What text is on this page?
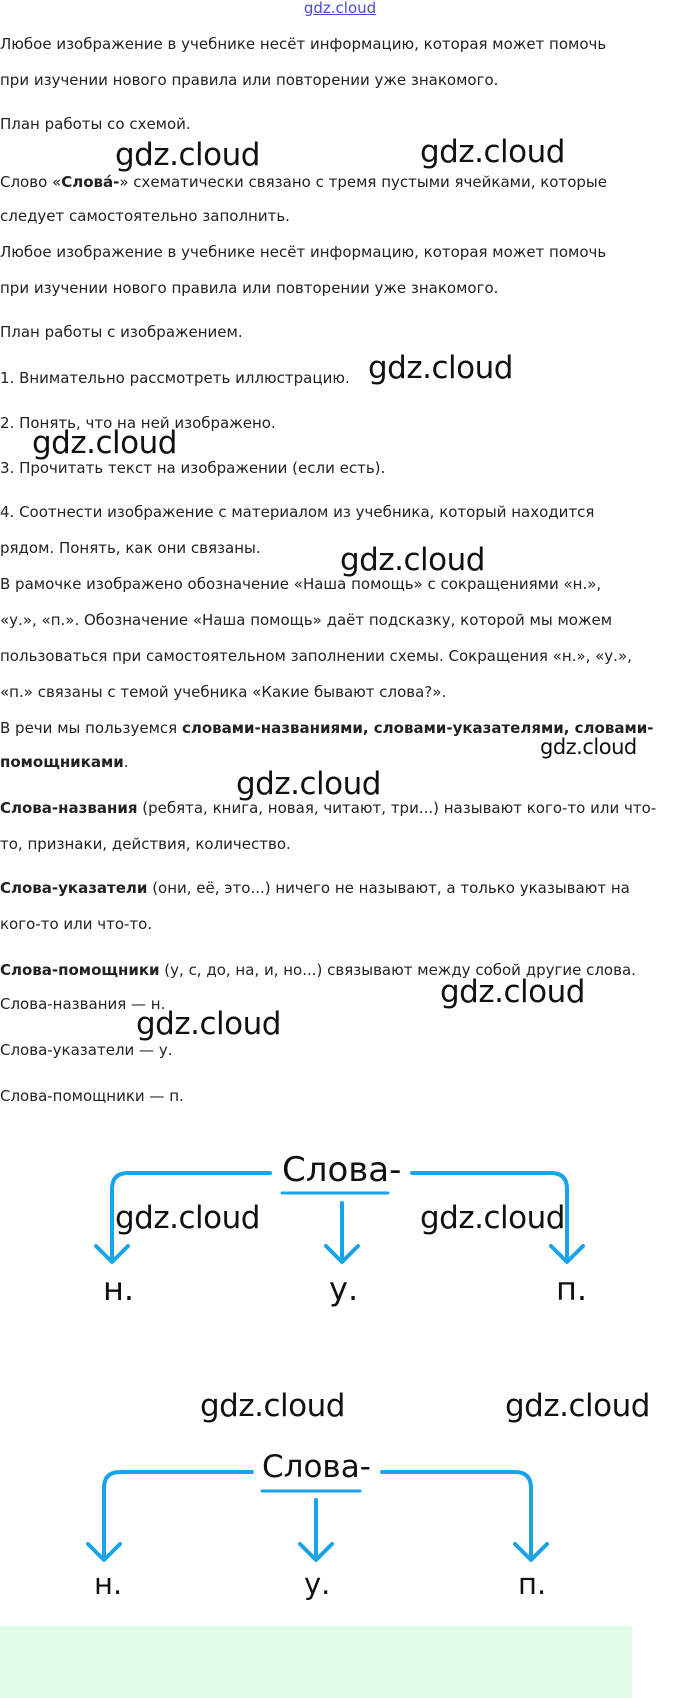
gdz.cloud
Любое изображение в учебнике несёт информацию, которая может помочь
при изучении нового правила или повторении уже знакомого.
План работы со схемой.
Слово «Слова́-» схематически связано с тремя пустыми ячейками, которые
следует самостоятельно заполнить.
Любое изображение в учебнике несёт информацию, которая может помочь
при изучении нового правила или повторении уже знакомого.
План работы с изображением.
1. Внимательно рассмотреть иллюстрацию.
2. Понять, что на ней изображено.
3. Прочитать текст на изображении (если есть).
4. Соотнести изображение с материалом из учебника, который находится
рядом. Понять, как они связаны.
В рамочке изображено обозначение «Наша помощь» с сокращениями «н.»,
«у.», «п.». Обозначение «Наша помощь» даёт подсказку, которой мы можем
пользоваться при самостоятельном заполнении схемы. Сокращения «н.», «у.»,
«п.» связаны с темой учебника «Какие бывают слова?».
В речи мы пользуемся словами-названиями, словами-указателями, словами-
помощниками.
Слова-названия (ребята, книга, новая, читают, три...) называют кого-то или что-
то, признаки, действия, количество.
Слова-указатели (они, её, это...) ничего не называют, а только указывают на
кого-то или что-то.
Слова-помощники (у, с, до, на, и, но...) связывают между собой другие слова.
Слова-названия — н.
Слова-указатели — у.
Слова-помощники — п.
Слова-
н.	у.	п.
Слова-
н.	у.	п.
gdz.cloud	gdz.cloud
gdz.cloud
gdz.cloud
gdz.cloud
gdz.cloud
gdz.cloud
gdz.cloud
gdz.cloud
gdz.cloud	gdz.cloud
gdz.cloud	gdz.cloud
